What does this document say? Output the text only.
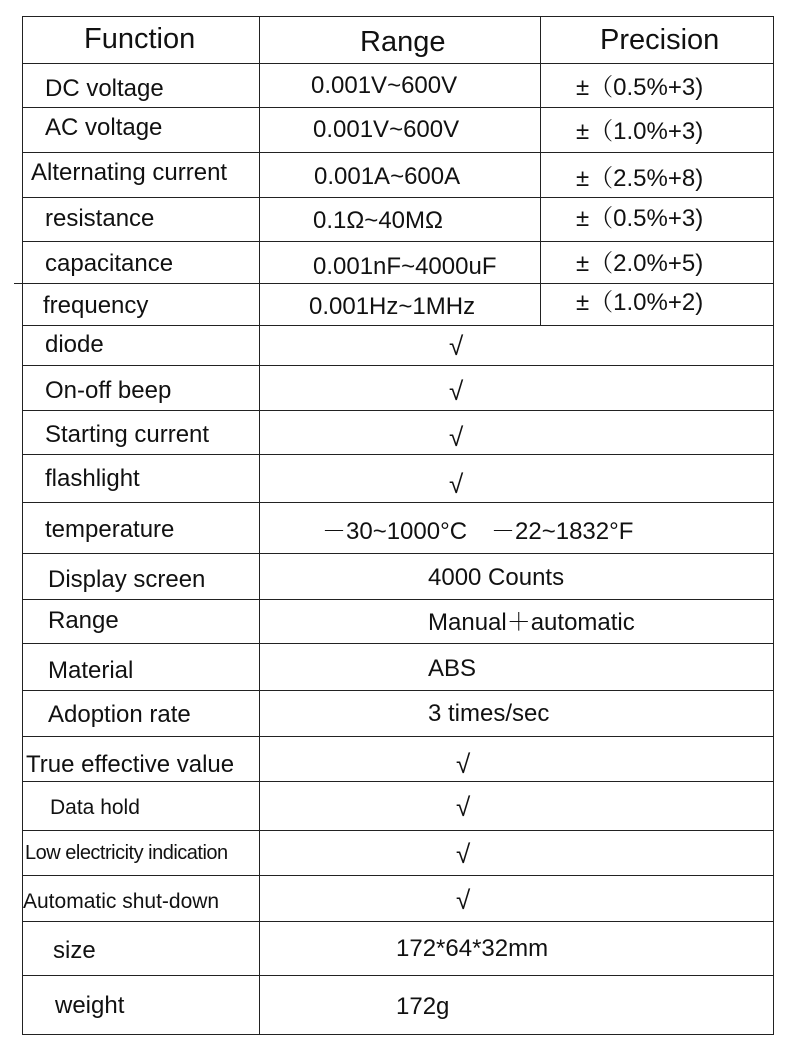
Function	Range	Precision
DC voltage	0.001V~600V	±（0.5%+3)
AC voltage	0.001V~600V	±（1.0%+3)
Alternating current	0.001A~600A	±（2.5%+8)
resistance	0.1Ω~40MΩ	±（0.5%+3)
capacitance	0.001nF~4000uF	±（2.0%+5)
frequency	0.001Hz~1MHz	±（1.0%+2)
diode	√
On-off beep	√
Starting current	√
flashlight	√
temperature	－30~1000°C　－22~1832°F
Display screen	4000 Counts
Range	Manual＋automatic
Material	ABS
Adoption rate	3 times/sec
True effective value	√
Data hold	√
Low electricity indication	√
Automatic shut-down	√
size	172*64*32mm
weight	172g
